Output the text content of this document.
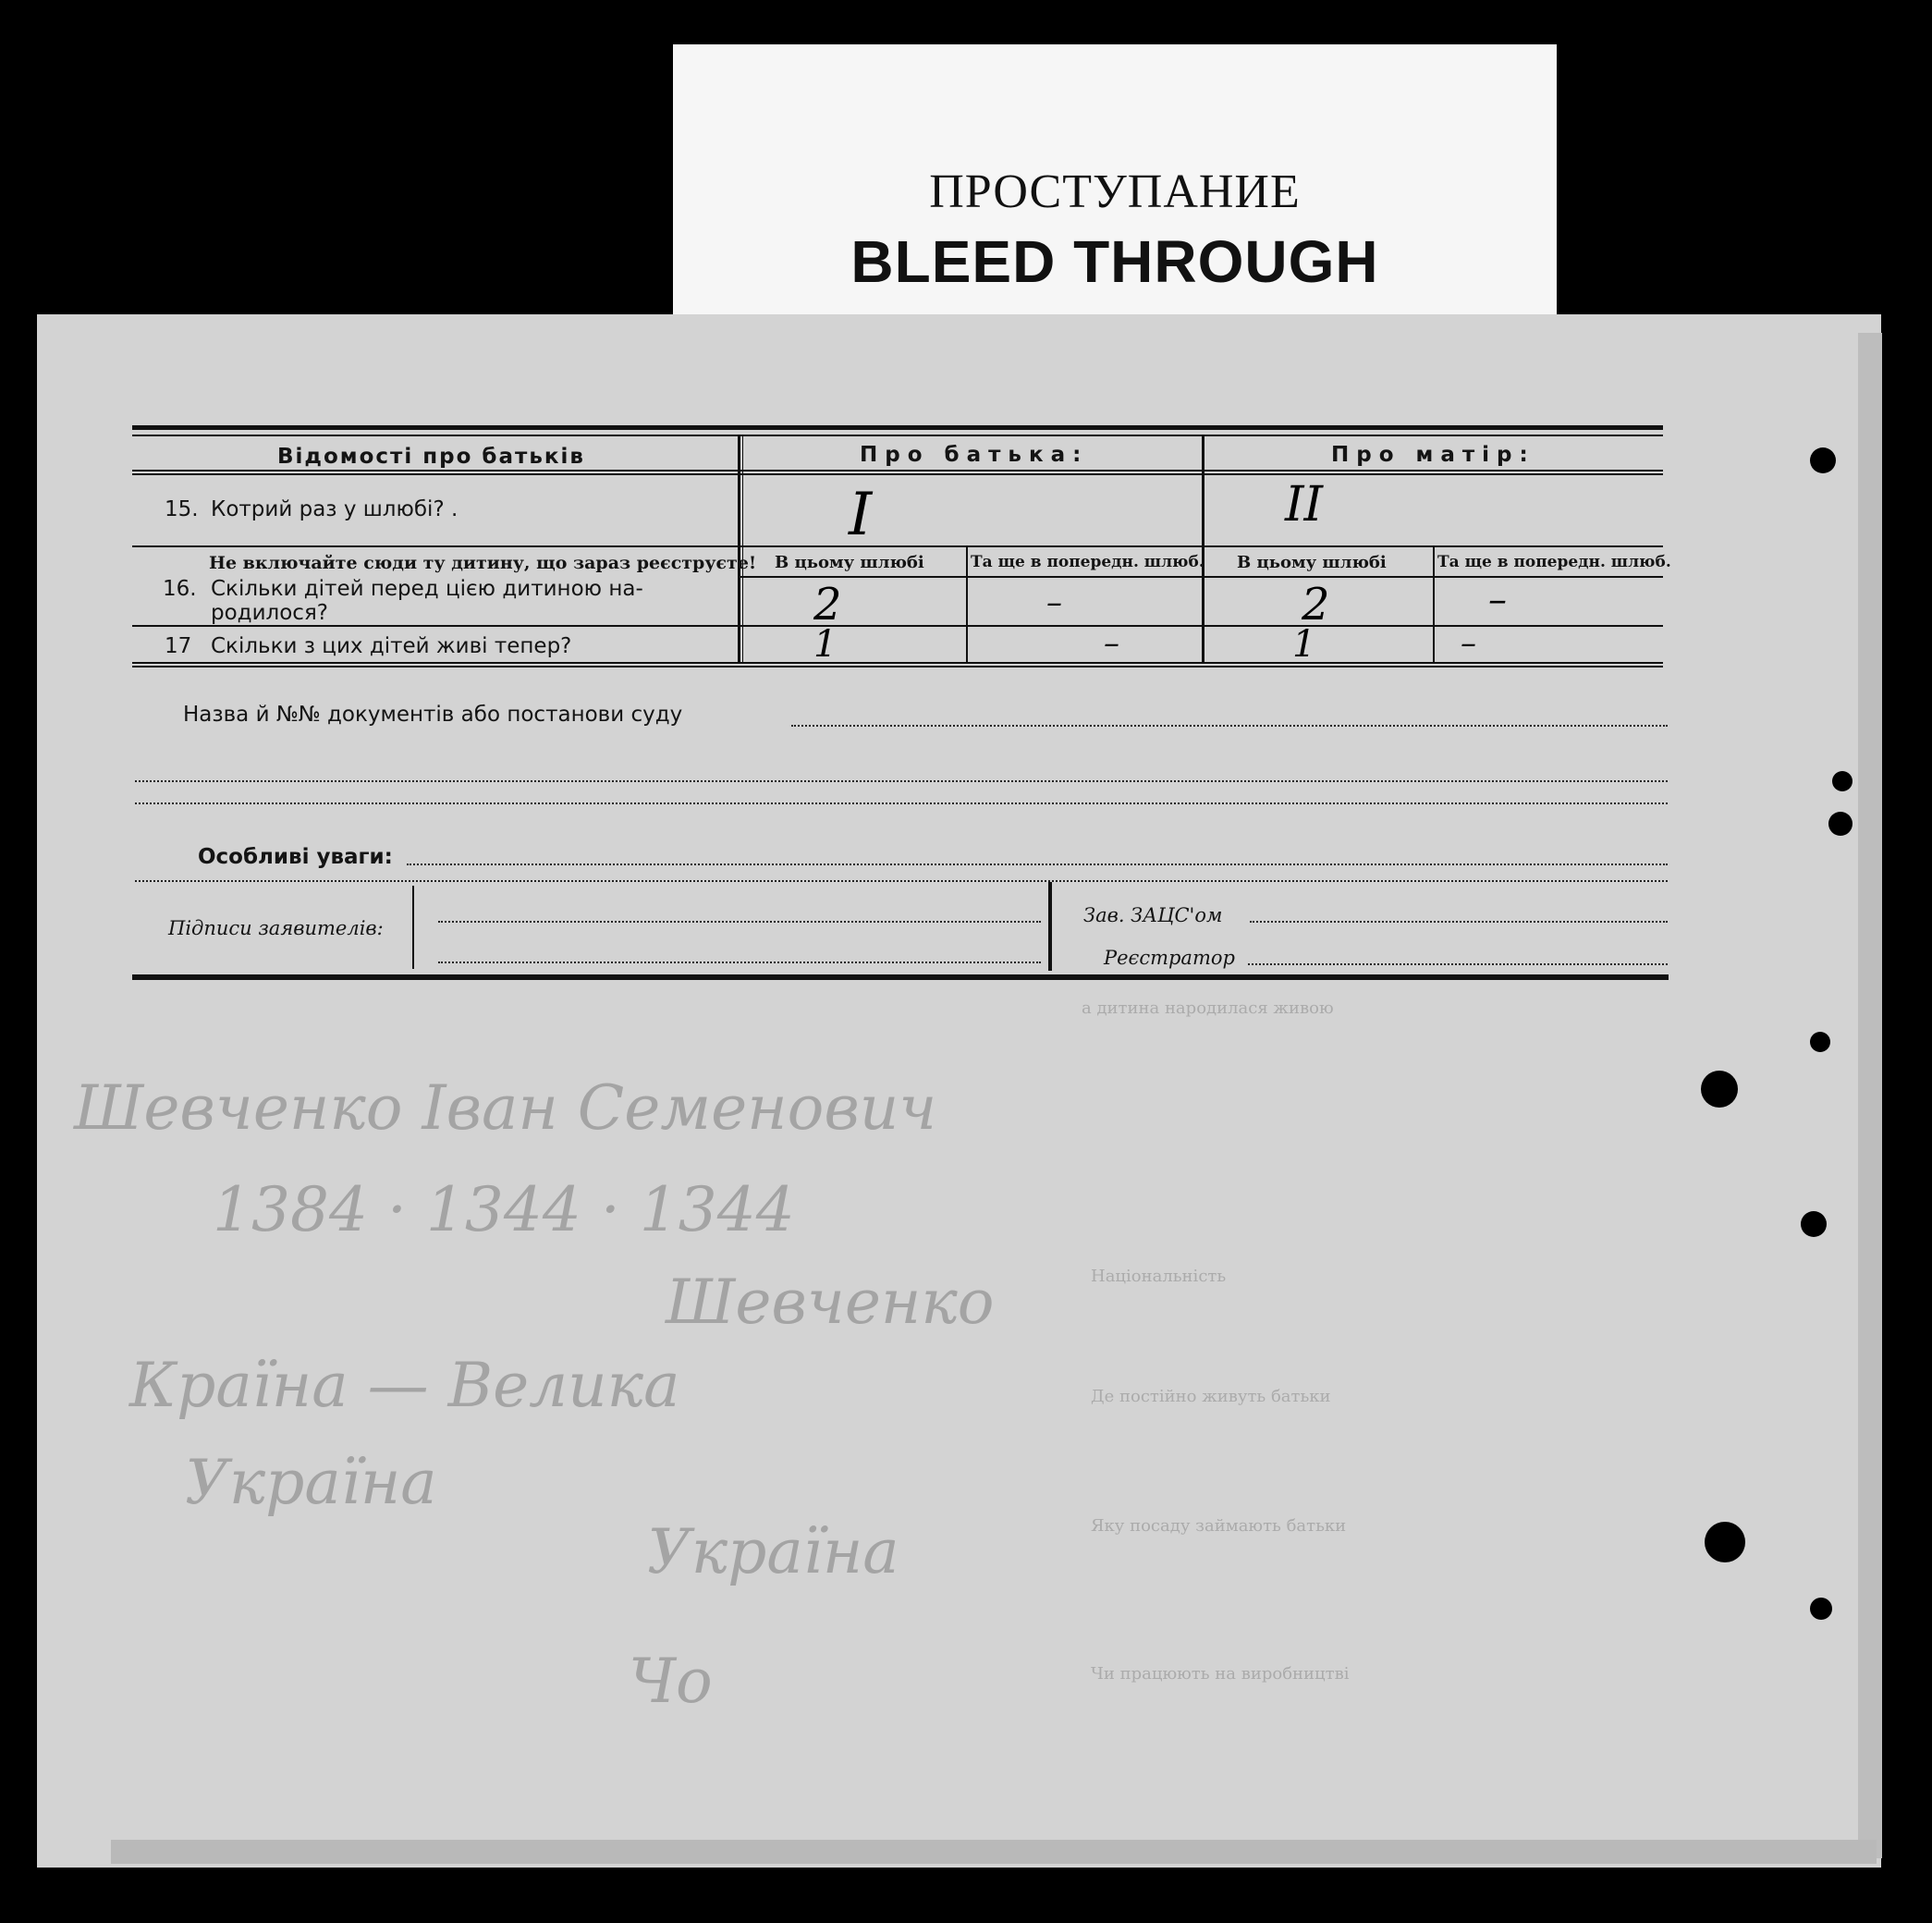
ПРОСТУПАНИЕ
BLEED THROUGH
Шевченко Іван Семенович
1384 · 1344 · 1344
Шевченко
Країна — Велика
Україна
Україна
Чо
а дитина народилася живою
Національність
Де постійно живуть батьки
Яку посаду займають батьки
Чи працюють на виробництві
Відомості про батьків	Про батька:	Про матір:
15. Котрий раз у шлюбі? .	I	II
Не включайте сюди ту дитину, що зараз реєструєте!
16. Скільки дітей перед цією дитиною на-
родилося?
В цьому шлюбі	Та ще в попередн. шлюб. В цьому шлюбі	Та ще в попередн. шлюб.
2	–	2	–
17 Скільки з цих дітей живі тепер?	1	–	1	–
Назва й №№ документів або постанови суду
Особливі уваги:
Підписи заявителів:
Зав. ЗАЦС'ом
Реєстратор
